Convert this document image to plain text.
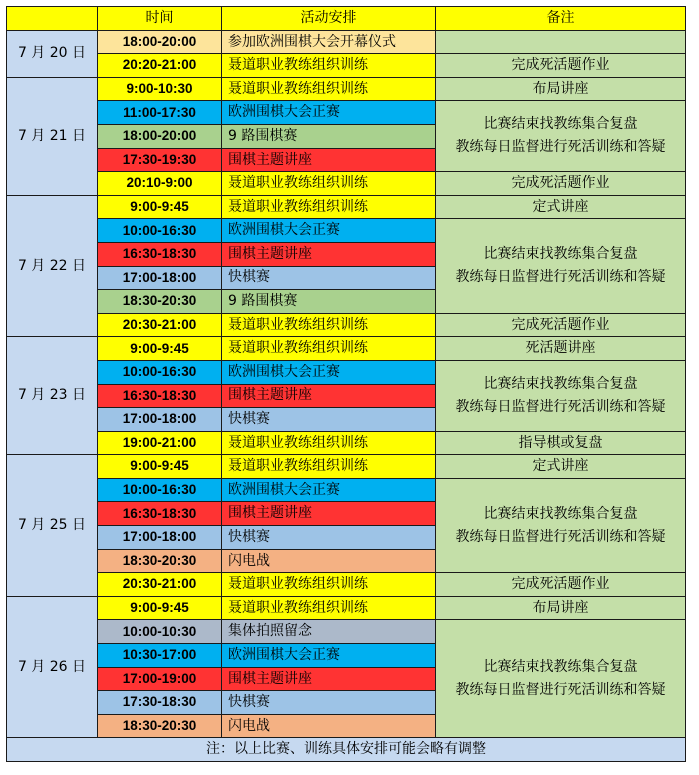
	时间	活动安排	备注
7 月 20 日	18:00-20:00	参加欧洲围棋大会开幕仪式	

	20:20-21:00	聂道职业教练组织训练	完成死活题作业

7 月 21 日	9:00-10:30	聂道职业教练组织训练	布局讲座

	11:00-17:30	欧洲围棋大会正赛	比赛结束找教练集合复盘
教练每日监督进行死活训练和答疑

	18:00-20:00	9 路围棋赛	
	17:30-19:30	围棋主题讲座	
	20:10-9:00	聂道职业教练组织训练	完成死活题作业

7 月 22 日	9:00-9:45	聂道职业教练组织训练	定式讲座

	10:00-16:30	欧洲围棋大会正赛	比赛结束找教练集合复盘
教练每日监督进行死活训练和答疑

	16:30-18:30	围棋主题讲座	
	17:00-18:00	快棋赛	
	18:30-20:30	9 路围棋赛	
	20:30-21:00	聂道职业教练组织训练	完成死活题作业

7 月 23 日	9:00-9:45	聂道职业教练组织训练	死活题讲座

	10:00-16:30	欧洲围棋大会正赛	比赛结束找教练集合复盘
教练每日监督进行死活训练和答疑

	16:30-18:30	围棋主题讲座	
	17:00-18:00	快棋赛	
	19:00-21:00	聂道职业教练组织训练	指导棋或复盘

7 月 25 日	9:00-9:45	聂道职业教练组织训练	定式讲座

	10:00-16:30	欧洲围棋大会正赛	比赛结束找教练集合复盘
教练每日监督进行死活训练和答疑

	16:30-18:30	围棋主题讲座	
	17:00-18:00	快棋赛	
	18:30-20:30	闪电战	
	20:30-21:00	聂道职业教练组织训练	完成死活题作业

7 月 26 日	9:00-9:45	聂道职业教练组织训练	布局讲座

	10:00-10:30	集体拍照留念	比赛结束找教练集合复盘
教练每日监督进行死活训练和答疑

	10:30-17:00	欧洲围棋大会正赛	
	17:00-19:00	围棋主题讲座	
	17:30-18:30	快棋赛	
	18:30-20:30	闪电战	
注：以上比赛、训练具体安排可能会略有调整			
